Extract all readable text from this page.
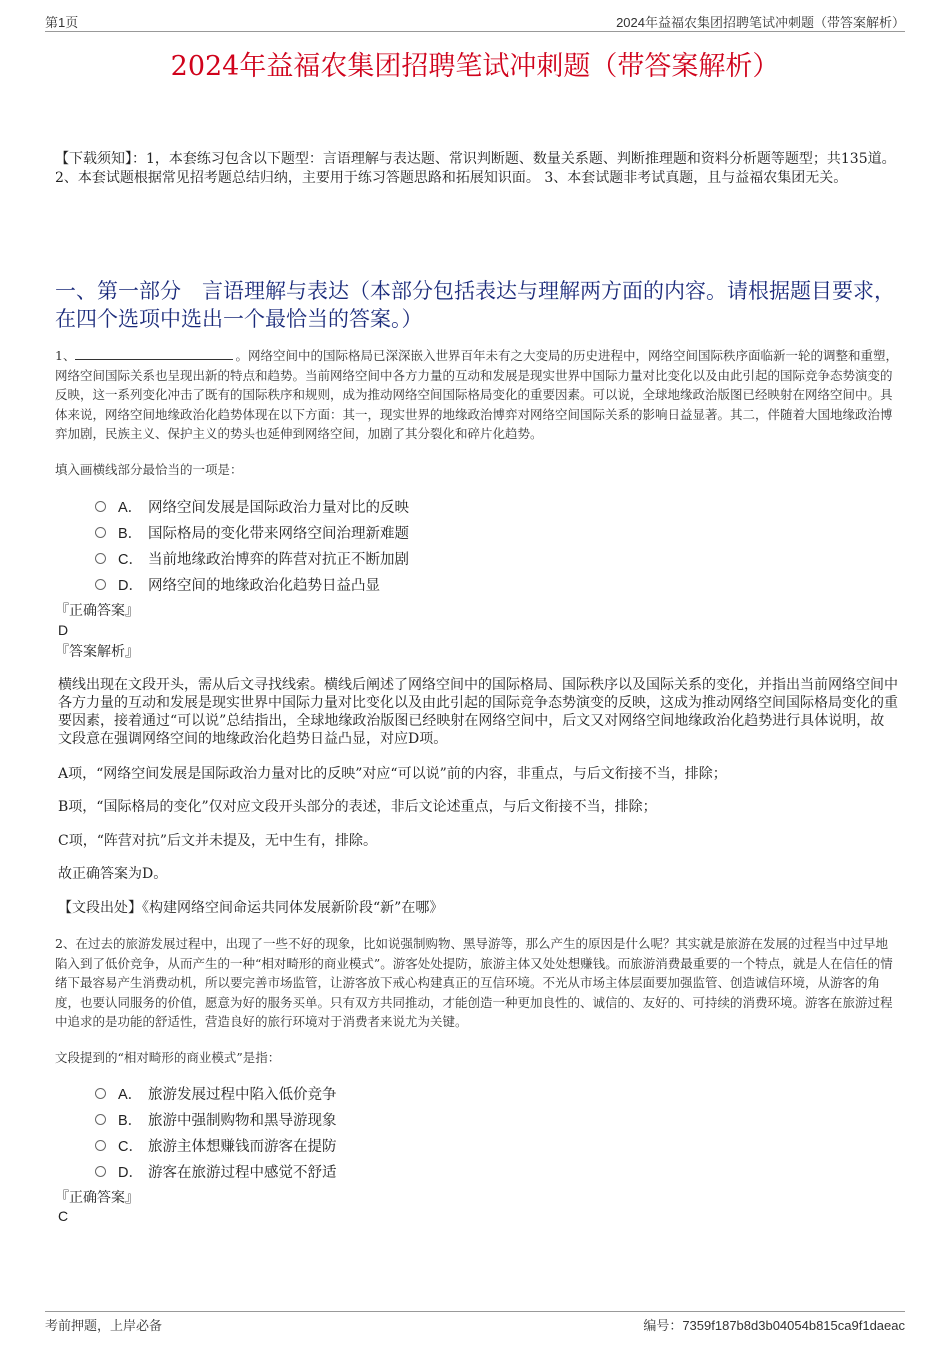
第1页	2024年益福农集团招聘笔试冲刺题（带答案解析）
2024年益福农集团招聘笔试冲刺题（带答案解析）
【下载须知】：1，本套练习包含以下题型：言语理解与表达题、常识判断题、数量关系题、判断推理题和资料分析题等题型；共135道。 2、本套试题根据常见招考题总结归纳，主要用于练习答题思路和拓展知识面。 3、本套试题非考试真题，且与益福农集团无关。
一、第一部分　言语理解与表达（本部分包括表达与理解两方面的内容。请根据题目要求，在四个选项中选出一个最恰当的答案。）
1、	。网络空间中的国际格局已深深嵌入世界百年未有之大变局的历史进程中，网络空间国际秩序面临新一轮的调整和重塑，网络空间国际关系也呈现出新的特点和趋势。当前网络空间中各方力量的互动和发展是现实世界中国际力量对比变化以及由此引起的国际竞争态势演变的反映，这一系列变化冲击了既有的国际秩序和规则，成为推动网络空间国际格局变化的重要因素。可以说，全球地缘政治版图已经映射在网络空间中。具体来说，网络空间地缘政治化趋势体现在以下方面：其一，现实世界的地缘政治博弈对网络空间国际关系的影响日益显著。其二，伴随着大国地缘政治博弈加剧，民族主义、保护主义的势头也延伸到网络空间，加剧了其分裂化和碎片化趋势。
填入画横线部分最恰当的一项是：
A． 网络空间发展是国际政治力量对比的反映
B． 国际格局的变化带来网络空间治理新难题
C． 当前地缘政治博弈的阵营对抗正不断加剧
D． 网络空间的地缘政治化趋势日益凸显
『正确答案』
D
『答案解析』
横线出现在文段开头，需从后文寻找线索。横线后阐述了网络空间中的国际格局、国际秩序以及国际关系的变化，并指出当前网络空间中各方力量的互动和发展是现实世界中国际力量对比变化以及由此引起的国际竞争态势演变的反映，这成为推动网络空间国际格局变化的重要因素，接着通过“可以说”总结指出，全球地缘政治版图已经映射在网络空间中，后文又对网络空间地缘政治化趋势进行具体说明，故文段意在强调网络空间的地缘政治化趋势日益凸显，对应D项。
A项，“网络空间发展是国际政治力量对比的反映”对应“可以说”前的内容，非重点，与后文衔接不当，排除；
B项，“国际格局的变化”仅对应文段开头部分的表述，非后文论述重点，与后文衔接不当，排除；
C项，“阵营对抗”后文并未提及，无中生有，排除。
故正确答案为D。
【文段出处】《构建网络空间命运共同体发展新阶段“新”在哪》
2、在过去的旅游发展过程中，出现了一些不好的现象，比如说强制购物、黑导游等，那么产生的原因是什么呢？其实就是旅游在发展的过程当中过早地陷入到了低价竞争，从而产生的一种“相对畸形的商业模式”。游客处处提防，旅游主体又处处想赚钱。而旅游消费最重要的一个特点，就是人在信任的情绪下最容易产生消费动机，所以要完善市场监管，让游客放下戒心构建真正的互信环境。不光从市场主体层面要加强监管、创造诚信环境，从游客的角度，也要认同服务的价值，愿意为好的服务买单。只有双方共同推动，才能创造一种更加良性的、诚信的、友好的、可持续的消费环境。游客在旅游过程中追求的是功能的舒适性，营造良好的旅行环境对于消费者来说尤为关键。
文段提到的“相对畸形的商业模式”是指：
A． 旅游发展过程中陷入低价竞争
B． 旅游中强制购物和黑导游现象
C． 旅游主体想赚钱而游客在提防
D． 游客在旅游过程中感觉不舒适
『正确答案』
C
考前押题，上岸必备	编号：7359f187b8d3b04054b815ca9f1daeac
